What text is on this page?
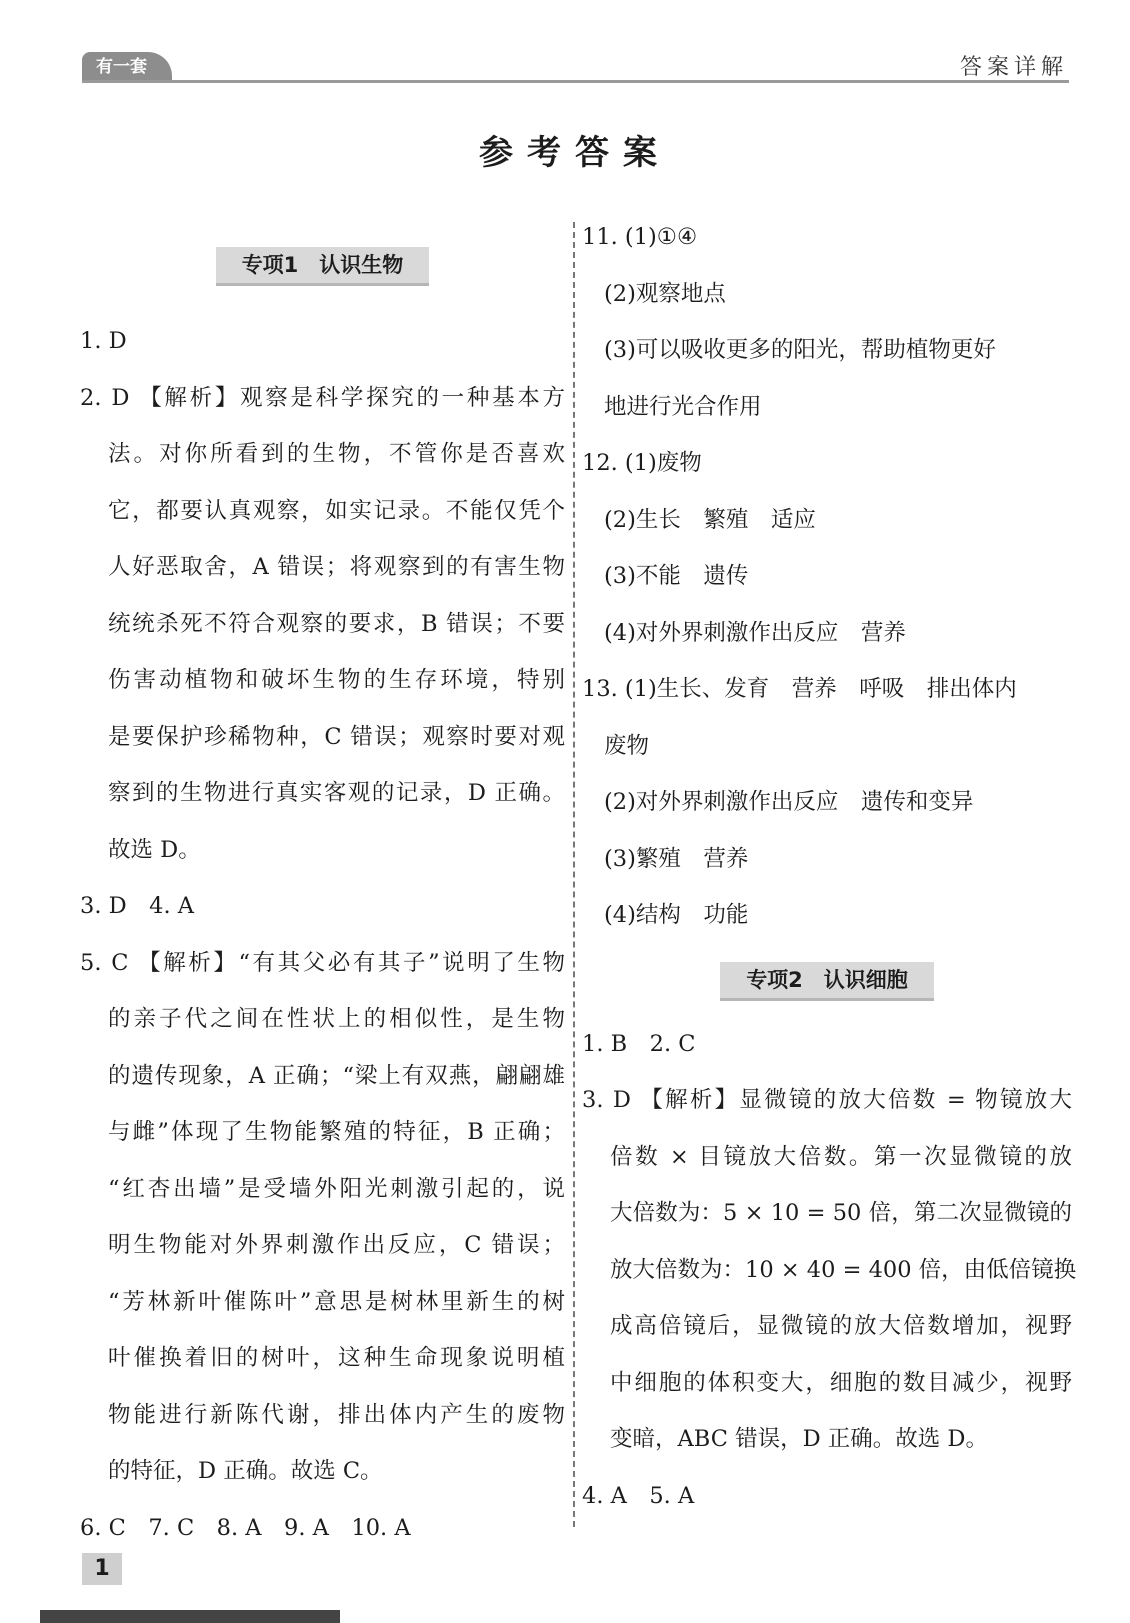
有一套	答案详解
参考答案
专项1　认识生物
1. D
2. D 【解析】观察是科学探究的一种基本方
法。对你所看到的生物，不管你是否喜欢
它，都要认真观察，如实记录。不能仅凭个
人好恶取舍，A 错误；将观察到的有害生物
统统杀死不符合观察的要求，B 错误；不要
伤害动植物和破坏生物的生存环境，特别
是要保护珍稀物种，C 错误；观察时要对观
察到的生物进行真实客观的记录，D 正确。
故选 D。
3. D　4. A
5. C 【解析】“有其父必有其子”说明了生物
的亲子代之间在性状上的相似性，是生物
的遗传现象，A 正确；“梁上有双燕，翩翩雄
与雌”体现了生物能繁殖的特征，B 正确；
“红杏出墙”是受墙外阳光刺激引起的，说
明生物能对外界刺激作出反应，C 错误；
“芳林新叶催陈叶”意思是树林里新生的树
叶催换着旧的树叶，这种生命现象说明植
物能进行新陈代谢，排出体内产生的废物
的特征，D 正确。故选 C。
6. C　7. C　8. A　9. A　10. A
11. (1)①④
(2)观察地点
(3)可以吸收更多的阳光，帮助植物更好
地进行光合作用
12. (1)废物
(2)生长　繁殖　适应
(3)不能　遗传
(4)对外界刺激作出反应　营养
13. (1)生长、发育　营养　呼吸　排出体内
废物
(2)对外界刺激作出反应　遗传和变异
(3)繁殖　营养
(4)结构　功能
专项2　认识细胞
1. B　2. C
3. D 【解析】显微镜的放大倍数 = 物镜放大
倍数 × 目镜放大倍数。第一次显微镜的放
大倍数为：5 × 10 = 50 倍，第二次显微镜的
放大倍数为：10 × 40 = 400 倍，由低倍镜换
成高倍镜后，显微镜的放大倍数增加，视野
中细胞的体积变大，细胞的数目减少，视野
变暗，ABC 错误，D 正确。故选 D。
4. A　5. A
1
